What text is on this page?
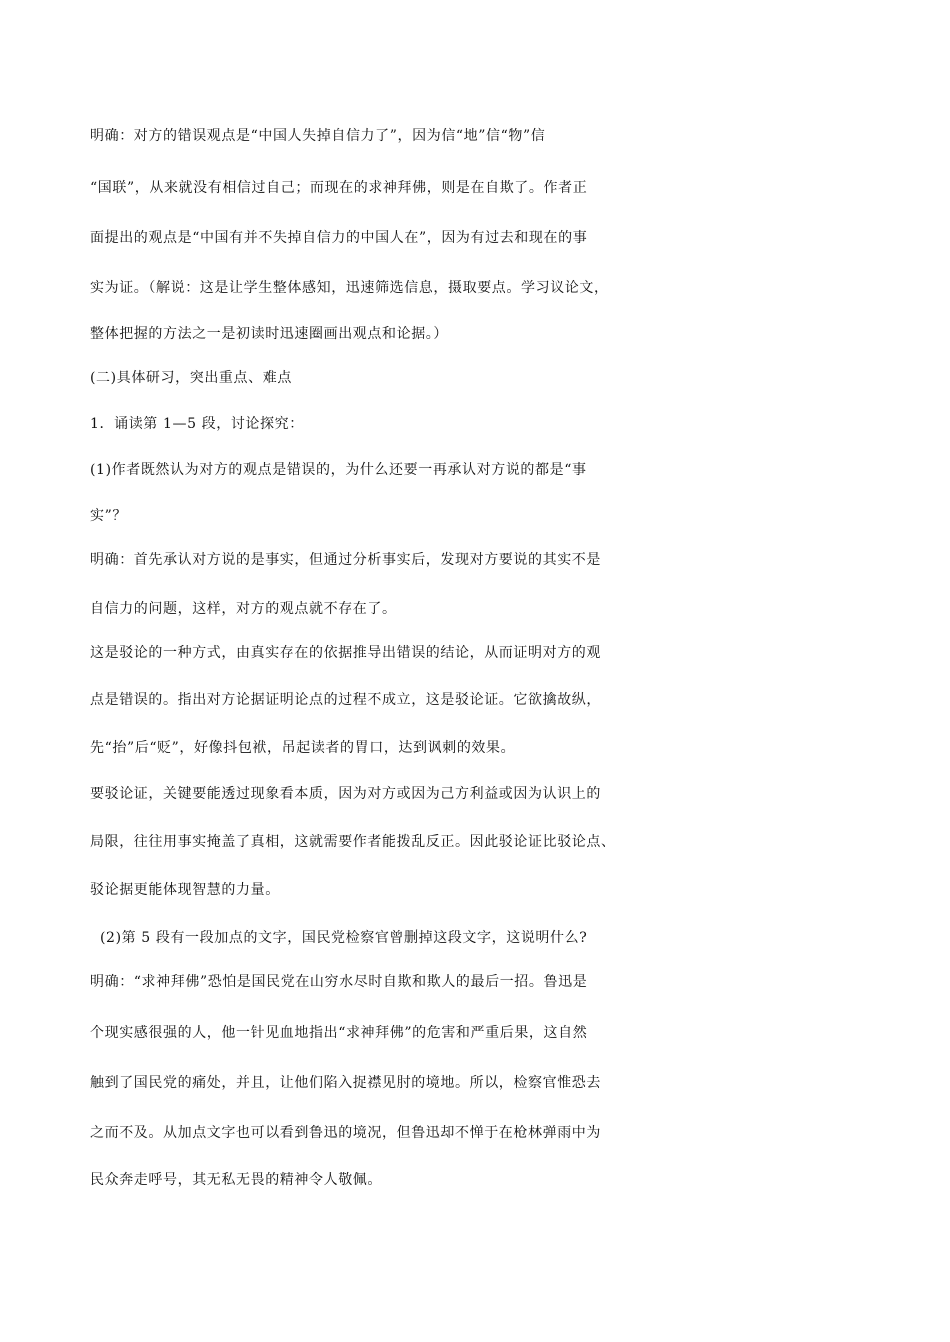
明确：对方的错误观点是“中国人失掉自信力了”，因为信“地”信“物”信
“国联”，从来就没有相信过自己；而现在的求神拜佛，则是在自欺了。作者正
面提出的观点是“中国有并不失掉自信力的中国人在”，因为有过去和现在的事
实为证。（解说：这是让学生整体感知，迅速筛选信息，摄取要点。学习议论文，
整体把握的方法之一是初读时迅速圈画出观点和论据。）
(二)具体研习，突出重点、难点
1．诵读第 1—5 段，讨论探究：
(1)作者既然认为对方的观点是错误的，为什么还要一再承认对方说的都是“事
实”？
明确：首先承认对方说的是事实，但通过分析事实后，发现对方要说的其实不是
自信力的问题，这样，对方的观点就不存在了。
这是驳论的一种方式，由真实存在的依据推导出错误的结论，从而证明对方的观
点是错误的。指出对方论据证明论点的过程不成立，这是驳论证。它欲擒故纵，
先“抬”后“贬”，好像抖包袱，吊起读者的胃口，达到讽刺的效果。
要驳论证，关键要能透过现象看本质，因为对方或因为己方利益或因为认识上的
局限，往往用事实掩盖了真相，这就需要作者能拨乱反正。因此驳论证比驳论点、
驳论据更能体现智慧的力量。
(2)第 5 段有一段加点的文字，国民党检察官曾删掉这段文字，这说明什么?
明确：“求神拜佛”恐怕是国民党在山穷水尽时自欺和欺人的最后一招。鲁迅是
个现实感很强的人，他一针见血地指出“求神拜佛”的危害和严重后果，这自然
触到了国民党的痛处，并且，让他们陷入捉襟见肘的境地。所以，检察官惟恐去
之而不及。从加点文字也可以看到鲁迅的境况，但鲁迅却不惮于在枪林弹雨中为
民众奔走呼号，其无私无畏的精神令人敬佩。
